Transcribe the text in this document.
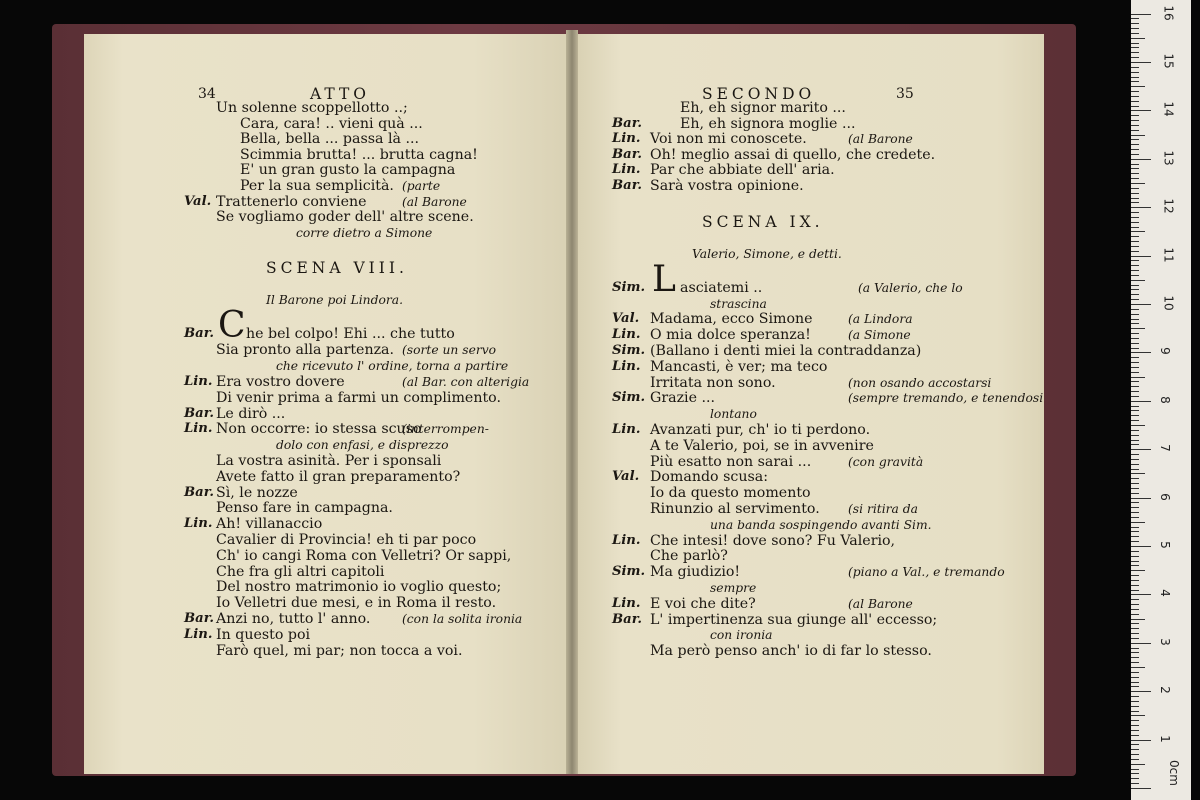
34	ATTO
Un solenne scoppellotto ..;
Cara, cara! .. vieni quà ...
Bella, bella ... passa là ...
Scimmia brutta! ... brutta cagna!
E' un gran gusto la campagna
Per la sua semplicità. (parte
Val. Trattenerlo conviene	(al Barone
Se vogliamo goder dell' altre scene.
corre dietro a Simone
SCENA VIII.
Il Barone poi Lindora.
Bar. C he bel colpo! Ehi ... che tutto
Sia pronto alla partenza. (sorte un servo
che ricevuto l' ordine, torna a partire
Lin. Era vostro dovere	(al Bar. con alterigia
Di venir prima a farmi un complimento.
Bar. Le dirò ...
Lin. Non occorre: io stessa scuso
(interrompen-
dolo con enfasi, e disprezzo
La vostra asinità. Per i sponsali
Avete fatto il gran preparamento?
Bar. Sì, le nozze
Penso fare in campagna.
Lin. Ah! villanaccio
Cavalier di Provincia! eh ti par poco
Ch' io cangi Roma con Velletri? Or sappi,
Che fra gli altri capitoli
Del nostro matrimonio io voglio questo;
Io Velletri due mesi, e in Roma il resto.
Bar. Anzi no, tutto l' anno.	(con la solita ironia
Lin. In questo poi
Farò quel, mi par; non tocca a voi.
35
SECONDO
Eh, eh signor marito ...
Bar.	Eh, eh signora moglie ...
Lin. Voi non mi conoscete.	(al Barone
Bar. Oh! meglio assai di quello, che credete.
Lin. Par che abbiate dell' aria.
Bar. Sarà vostra opinione.
SCENA IX.
Valerio, Simone, e detti.
Sim. L asciatemi ..	(a Valerio, che lo
strascina
Val. Madama, ecco Simone	(a Lindora
Lin. O mia dolce speranza!	(a Simone
Sim. (Ballano i denti miei la contraddanza)
Lin. Mancasti, è ver; ma teco
Irritata non sono.	(non osando accostarsi
Sim. Grazie ...	(sempre tremando, e tenendosi
lontano
Lin. Avanzati pur, ch' io ti perdono.
A te Valerio, poi, se in avvenire
Più esatto non sarai ...	(con gravità
Val. Domando scusa:
Io da questo momento
Rinunzio al servimento. (si ritira da
una banda sospingendo avanti Sim.
Lin. Che intesi! dove sono? Fu Valerio,
Che parlò?
Sim. Ma giudizio!	(piano a Val., e tremando
sempre
Lin. E voi che dite?	(al Barone
Bar. L' impertinenza sua giunge all' eccesso;
con ironia
Ma però penso anch' io di far lo stesso.
0cm
1
2
3
4
5
6
7
8
9
10
11
12
13
14
15
16
